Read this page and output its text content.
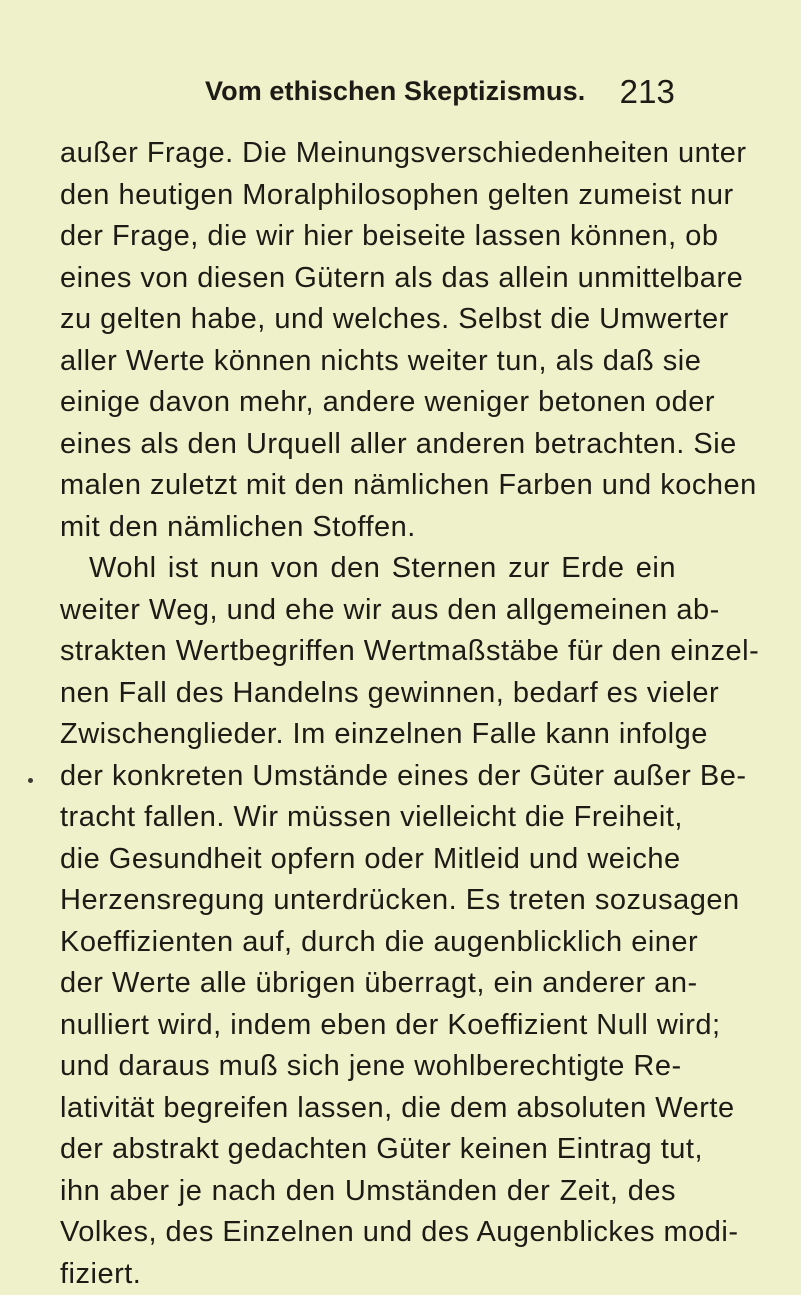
Vom ethischen Skeptizismus. 213
außer Frage. Die Meinungsverschiedenheiten unter
den heutigen Moralphilosophen gelten zumeist nur
der Frage, die wir hier beiseite lassen können, ob
eines von diesen Gütern als das allein unmittelbare
zu gelten habe, und welches. Selbst die Umwerter
aller Werte können nichts weiter tun, als daß sie
einige davon mehr, andere weniger betonen oder
eines als den Urquell aller anderen betrachten. Sie
malen zuletzt mit den nämlichen Farben und kochen
mit den nämlichen Stoffen.
Wohl ist nun von den Sternen zur Erde ein
weiter Weg, und ehe wir aus den allgemeinen ab-
strakten Wertbegriffen Wertmaßstäbe für den einzel-
nen Fall des Handelns gewinnen, bedarf es vieler
Zwischenglieder. Im einzelnen Falle kann infolge
der konkreten Umstände eines der Güter außer Be-
tracht fallen. Wir müssen vielleicht die Freiheit,
die Gesundheit opfern oder Mitleid und weiche
Herzensregung unterdrücken. Es treten sozusagen
Koeffizienten auf, durch die augenblicklich einer
der Werte alle übrigen überragt, ein anderer an-
nulliert wird, indem eben der Koeffizient Null wird;
und daraus muß sich jene wohlberechtigte Re-
lativität begreifen lassen, die dem absoluten Werte
der abstrakt gedachten Güter keinen Eintrag tut,
ihn aber je nach den Umständen der Zeit, des
Volkes, des Einzelnen und des Augenblickes modi-
fiziert.
